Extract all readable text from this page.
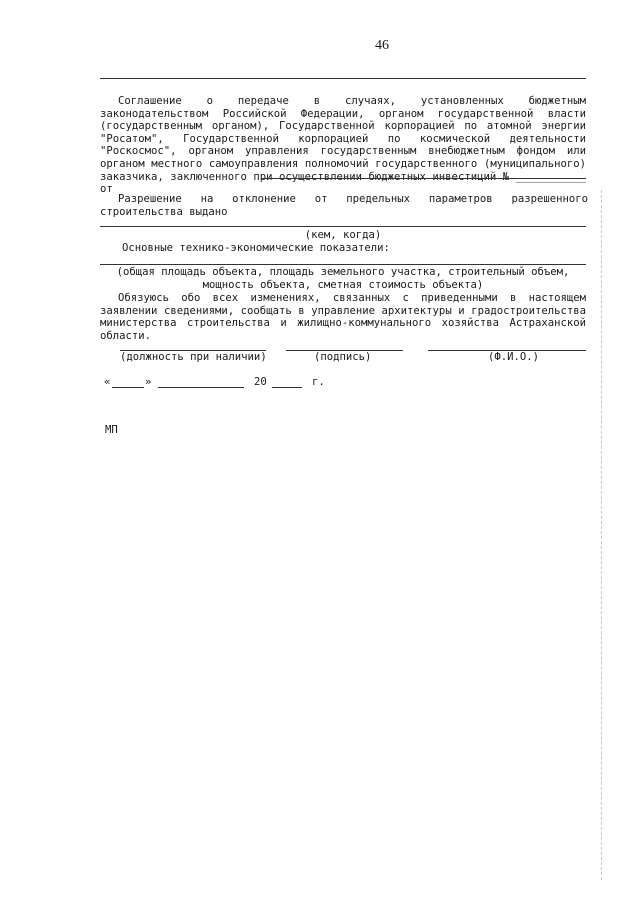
46
Соглашение о передаче в случаях, установленных бюджетным законодательством Российской Федерации, органом государственной власти (государственным органом), Государственной корпорацией по атомной энергии "Росатом", Государственной корпорацией по космической деятельности "Роскосмос", органом управления государственным внебюджетным фондом или органом местного самоуправления полномочий государственного (муниципального) заказчика, заключенного при осуществлении бюджетных инвестиций № ___________ от
Разрешение на отклонение от предельных параметров разрешенного
строительства выдано
(кем, когда)
Основные технико-экономические показатели:
(общая площадь объекта, площадь земельного участка, строительный объем,
мощность объекта, сметная стоимость объекта)
Обязуюсь обо всех изменениях, связанных с приведенными в настоящем заявлении сведениями, сообщать в управление архитектуры и градостроительства министерства строительства и жилищно-коммунального хозяйства Астраханской области.
(должность при наличии)	(подпись)	(Ф.И.О.)
«	»	20	г.
МП
